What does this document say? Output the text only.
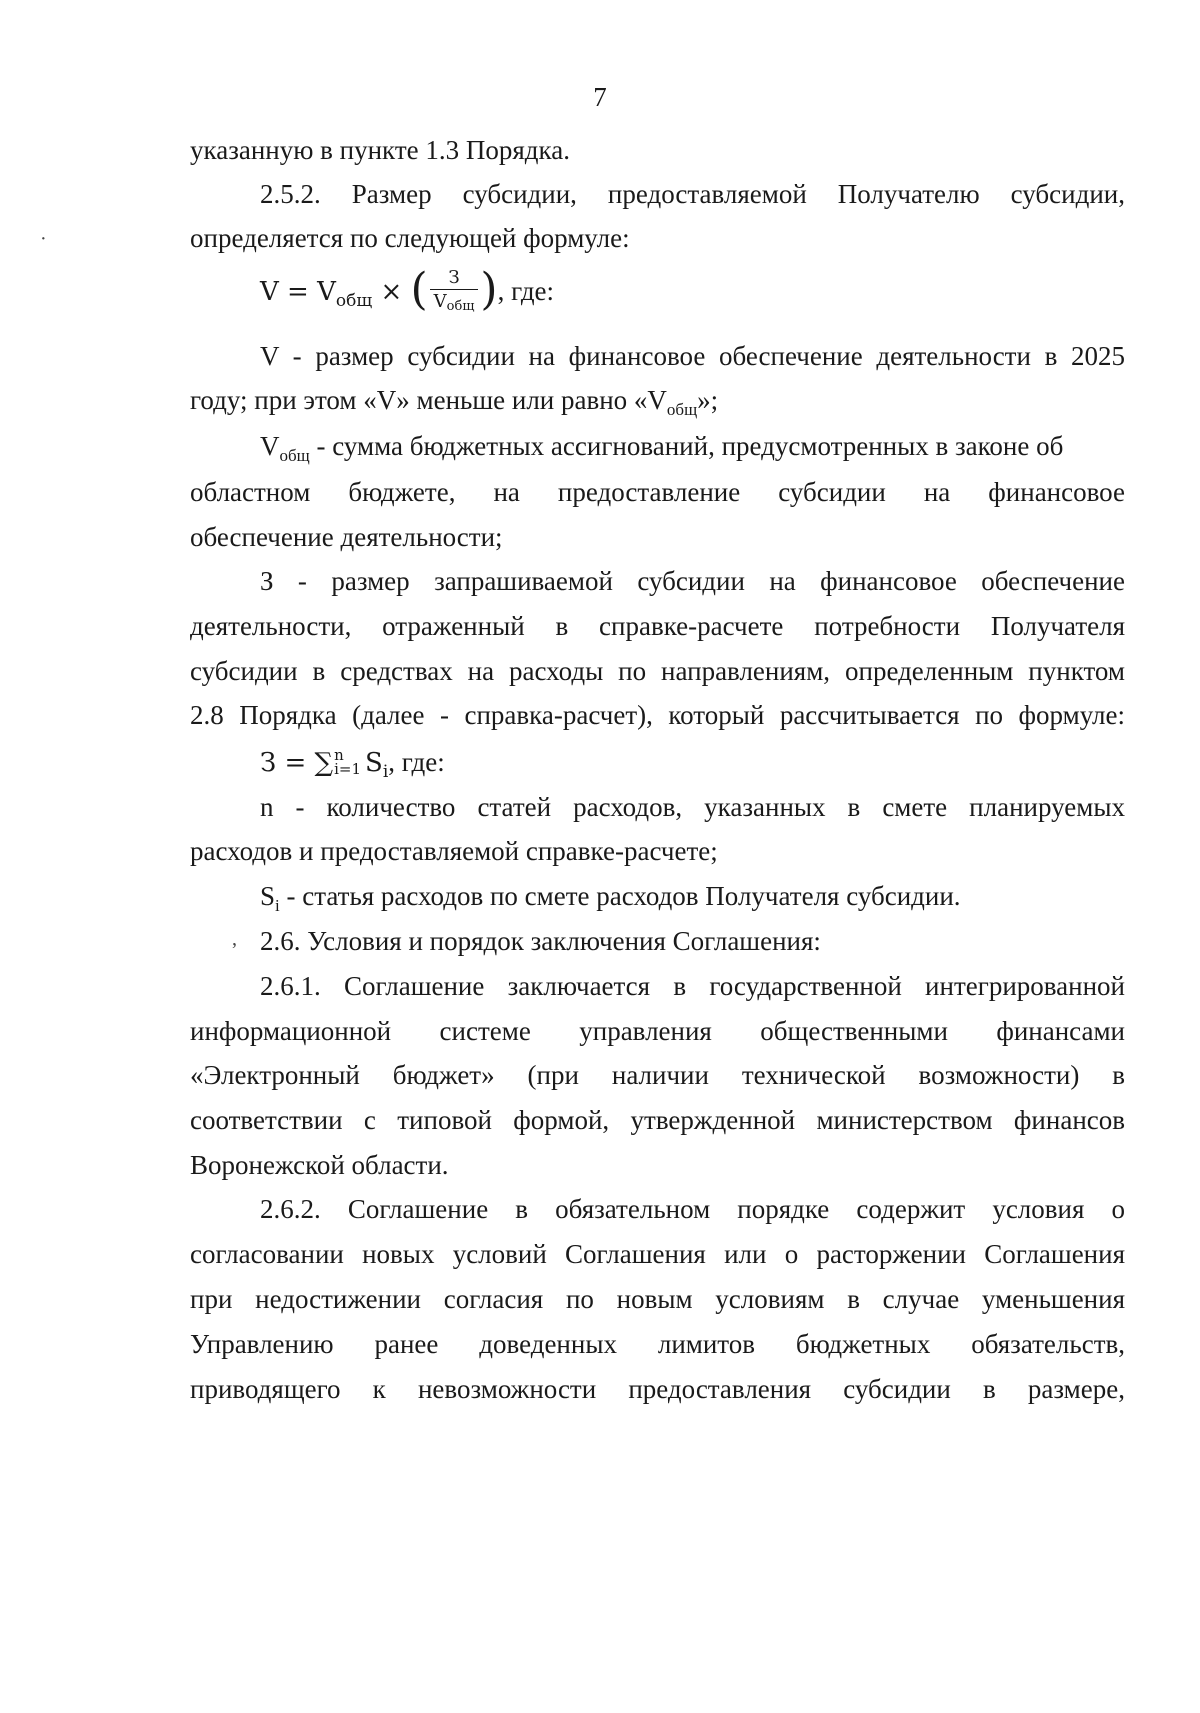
7
·
указанную в пункте 1.3 Порядка.
2.5.2. Размер субсидии, предоставляемой Получателю субсидии,
определяется по следующей формуле:
$V = V_{общ}$ × ( $\frac{З}{V_{общ}}$ ), где:
V - размер субсидии на финансовое обеспечение деятельности в 2025
году; при этом «V» меньше или равно «$V_{общ}$»;
$V_{общ}$ - сумма бюджетных ассигнований, предусмотренных в законе об
областном бюджете, на предоставление субсидии на финансовое
обеспечение деятельности;
З - размер запрашиваемой субсидии на финансовое обеспечение
деятельности, отраженный в справке-расчете потребности Получателя
субсидии в средствах на расходы по направлениям, определенным пунктом
2.8 Порядка (далее - справка-расчет), который рассчитывается по формуле:
З = ∑ n
i=1 $S_i$, где:
n - количество статей расходов, указанных в смете планируемых
расходов и предоставляемой справке-расчете;
$S_i$ - статья расходов по смете расходов Получателя субсидии.
, 2.6. Условия и порядок заключения Соглашения:
2.6.1. Соглашение заключается в государственной интегрированной
информационной системе управления общественными финансами
«Электронный бюджет» (при наличии технической возможности) в
соответствии с типовой формой, утвержденной министерством финансов
Воронежской области.
2.6.2. Соглашение в обязательном порядке содержит условия о
согласовании новых условий Соглашения или о расторжении Соглашения
при недостижении согласия по новым условиям в случае уменьшения
Управлению ранее доведенных лимитов бюджетных обязательств,
приводящего к невозможности предоставления субсидии в размере,
